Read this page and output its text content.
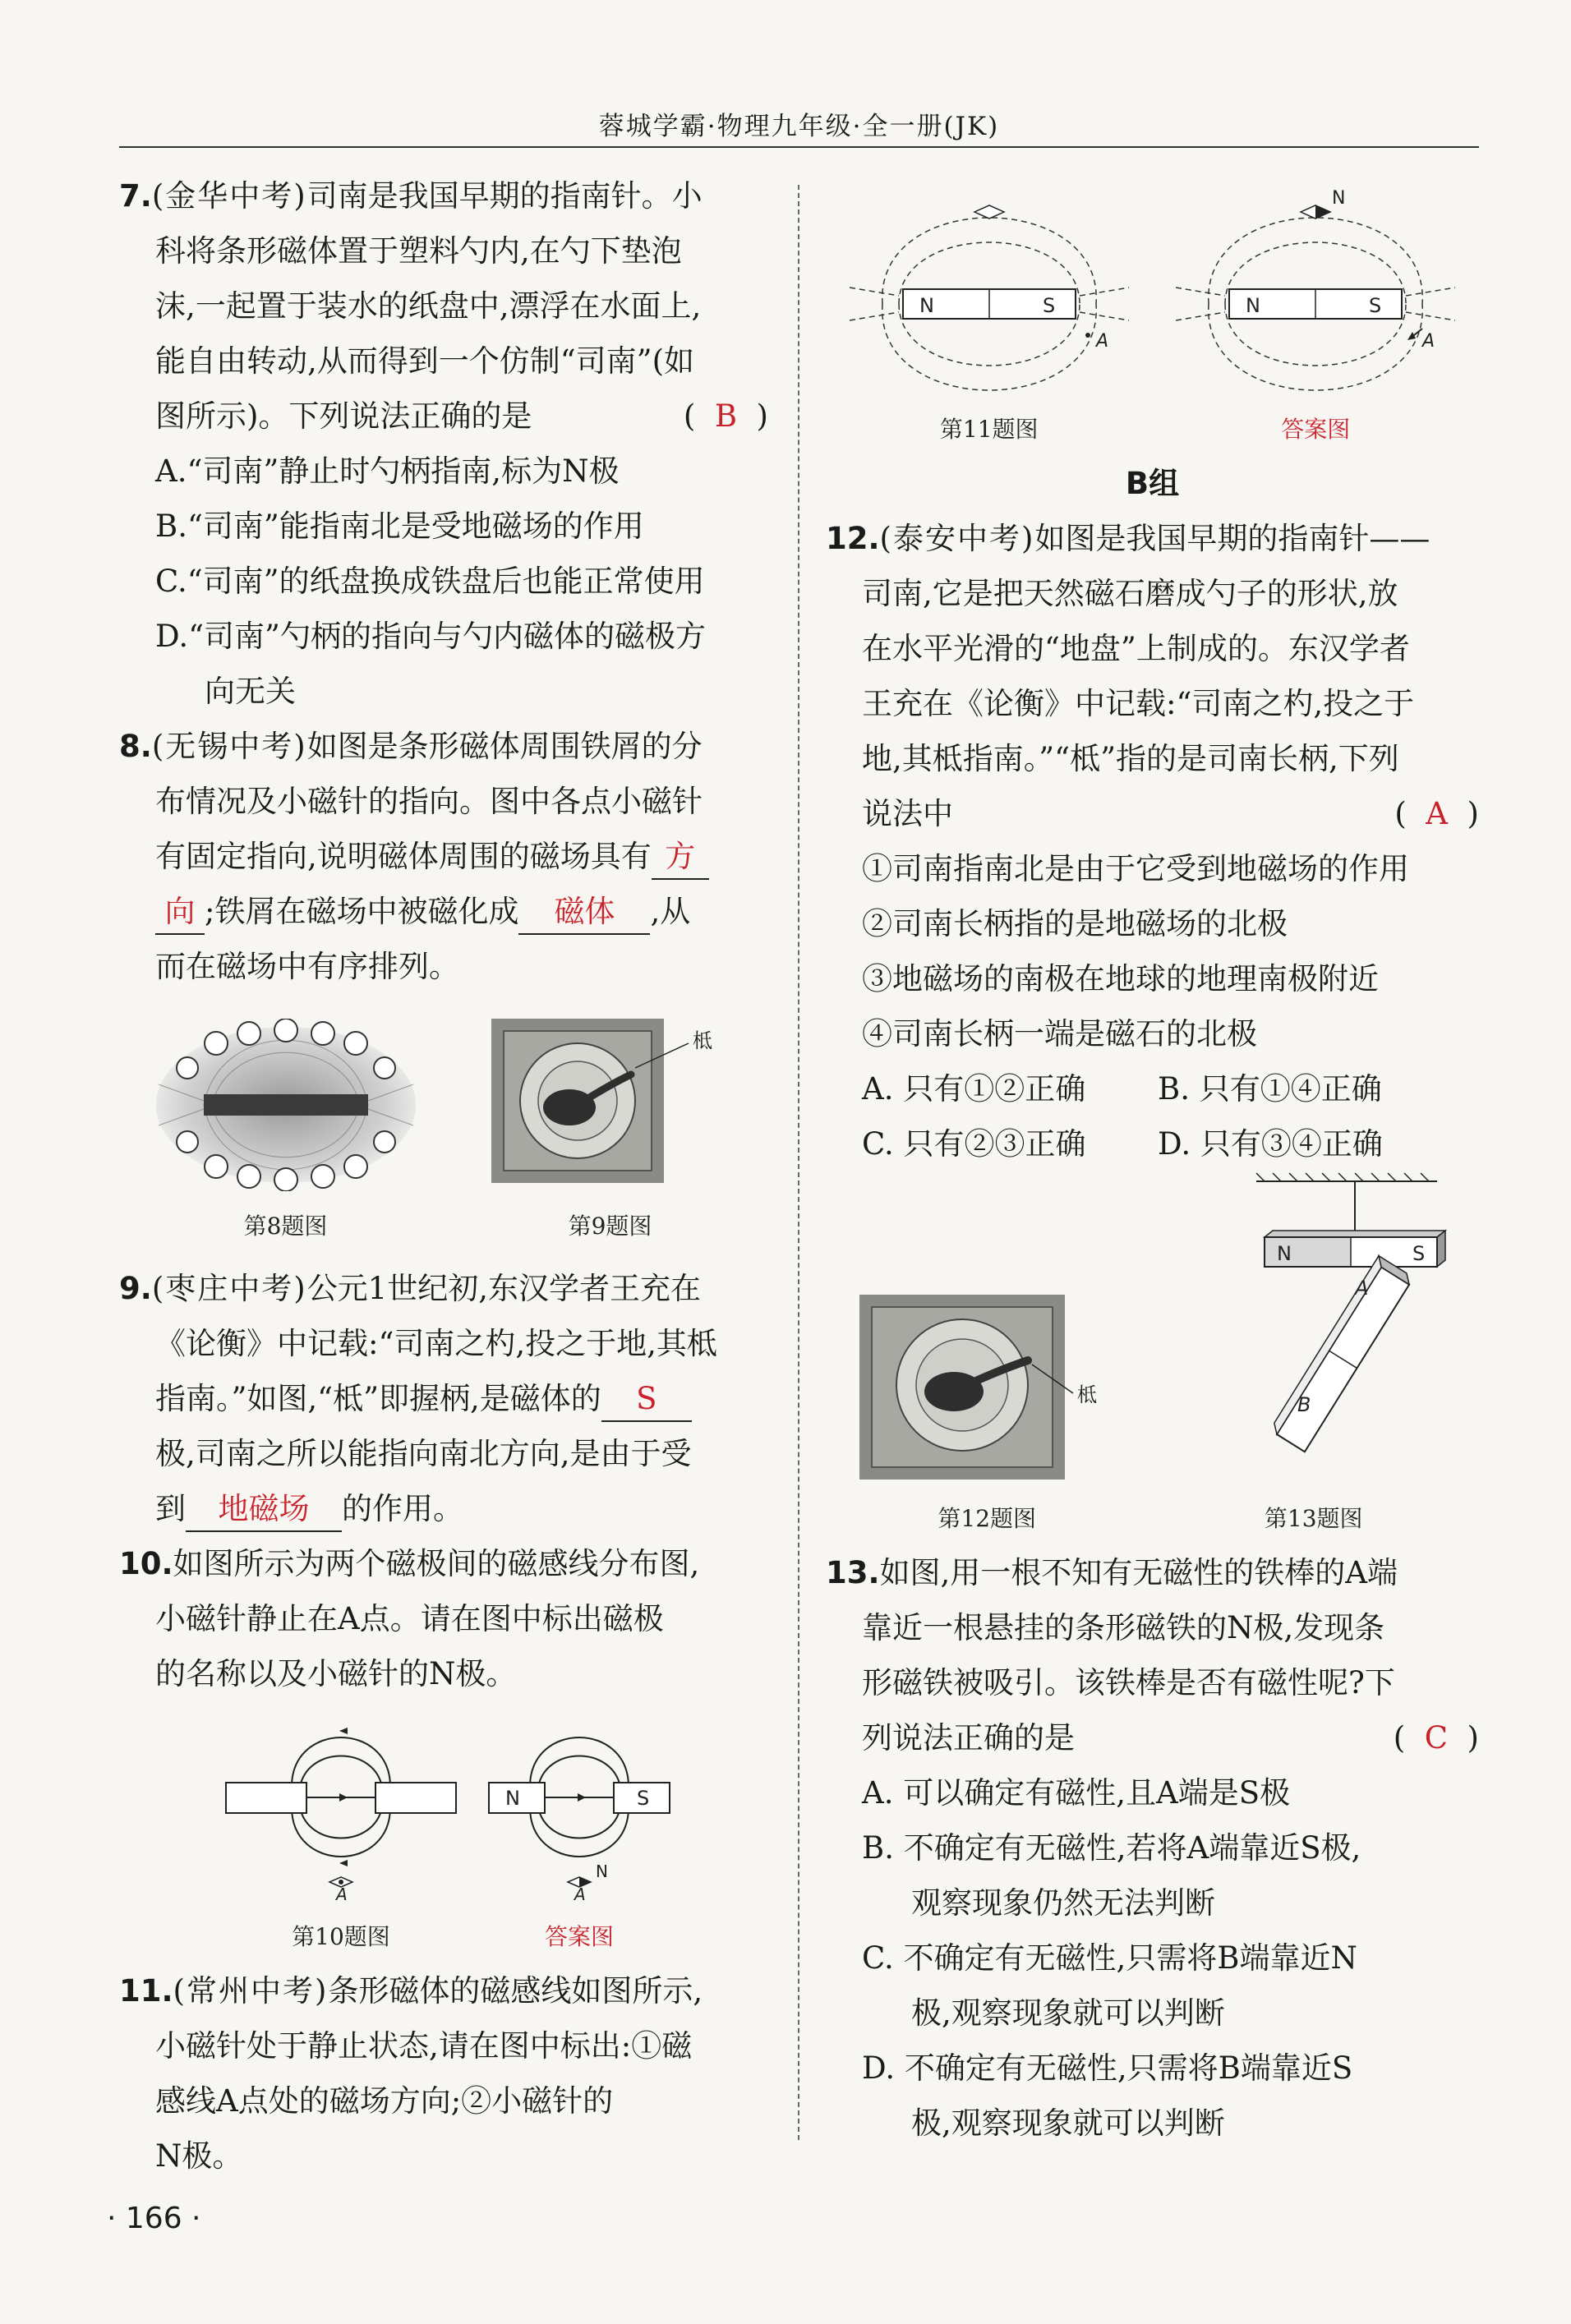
蓉城学霸·物理九年级·全一册(JK)
7.(金华中考)司南是我国早期的指南针。小
科将条形磁体置于塑料勺内,在勺下垫泡
沫,一起置于装水的纸盘中,漂浮在水面上,
能自由转动,从而得到一个仿制“司南”(如
图所示)。下列说法正确的是	(  B  )
A.“司南”静止时勺柄指南,标为N极
B.“司南”能指南北是受地磁场的作用
C.“司南”的纸盘换成铁盘后也能正常使用
D.“司南”勺柄的指向与勺内磁体的磁极方
向无关
8.(无锡中考)如图是条形磁体周围铁屑的分
布情况及小磁针的指向。图中各点小磁针
有固定指向,说明磁体周围的磁场具有 方
向 ;铁屑在磁场中被磁化成 磁体 ,从
而在磁场中有序排列。
第8题图
柢
第9题图
9.(枣庄中考)公元1世纪初,东汉学者王充在
《论衡》中记载:“司南之杓,投之于地,其柢
指南。”如图,“柢”即握柄,是磁体的 S
极,司南之所以能指向南北方向,是由于受
到 地磁场 的作用。
10.如图所示为两个磁极间的磁感线分布图,
小磁针静止在A点。请在图中标出磁极
的名称以及小磁针的N极。
A
第10题图
N	S
N
A
答案图
11.(常州中考)条形磁体的磁感线如图所示,
小磁针处于静止状态,请在图中标出:①磁
感线A点处的磁场方向;②小磁针的
N极。
N	S
A
第11题图
N	S
A
N
答案图
B组
12.(泰安中考)如图是我国早期的指南针——
司南,它是把天然磁石磨成勺子的形状,放
在水平光滑的“地盘”上制成的。东汉学者
王充在《论衡》中记载:“司南之杓,投之于
地,其柢指南。”“柢”指的是司南长柄,下列
说法中	(  A  )
①司南指南北是由于它受到地磁场的作用
②司南长柄指的是地磁场的北极
③地磁场的南极在地球的地理南极附近
④司南长柄一端是磁石的北极
A. 只有①②正确	B. 只有①④正确
C. 只有②③正确	D. 只有③④正确
柢
第12题图
N	S
A
B
第13题图
13.如图,用一根不知有无磁性的铁棒的A端
靠近一根悬挂的条形磁铁的N极,发现条
形磁铁被吸引。该铁棒是否有磁性呢?下
列说法正确的是	(  C  )
A. 可以确定有磁性,且A端是S极
B. 不确定有无磁性,若将A端靠近S极,
观察现象仍然无法判断
C. 不确定有无磁性,只需将B端靠近N
极,观察现象就可以判断
D. 不确定有无磁性,只需将B端靠近S
极,观察现象就可以判断
· 166 ·
